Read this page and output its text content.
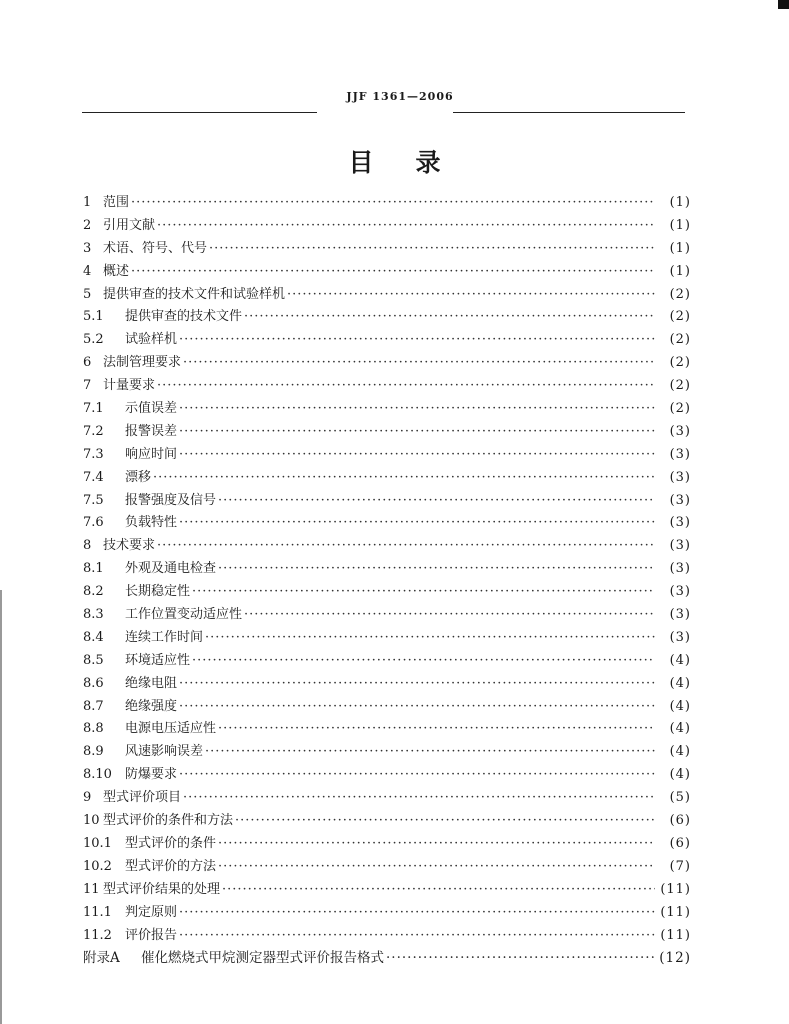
JJF 1361—2006
目录
1 范围 ·····	(1)
2 引用文献 ·····	(1)
3 术语、符号、代号 ·····	(1)
4 概述 ·····	(1)
5 提供审查的技术文件和试验样机 ·····	(2)
5.1	提供审查的技术文件 ·····	(2)
5.2	试验样机 ·····	(2)
6 法制管理要求 ·····	(2)
7 计量要求 ·····	(2)
7.1	示值误差 ·····	(2)
7.2	报警误差 ·····	(3)
7.3	响应时间 ·····	(3)
7.4	漂移 ·····	(3)
7.5	报警强度及信号 ·····	(3)
7.6	负载特性 ·····	(3)
8 技术要求 ·····	(3)
8.1	外观及通电检查 ·····	(3)
8.2	长期稳定性 ·····	(3)
8.3	工作位置变动适应性 ·····	(3)
8.4	连续工作时间 ·····	(3)
8.5	环境适应性 ·····	(4)
8.6	绝缘电阻 ·····	(4)
8.7	绝缘强度 ·····	(4)
8.8	电源电压适应性 ·····	(4)
8.9	风速影响误差 ·····	(4)
8.10	防爆要求 ·····	(4)
9 型式评价项目 ·····	(5)
10 型式评价的条件和方法 ·····	(6)
10.1	型式评价的条件 ·····	(6)
10.2	型式评价的方法 ·····	(7)
11 型式评价结果的处理 ·····	(11)
11.1	判定原则 ·····	(11)
11.2	评价报告 ·····	(11)
附录A	催化燃烧式甲烷测定器型式评价报告格式 ·····	(12)
